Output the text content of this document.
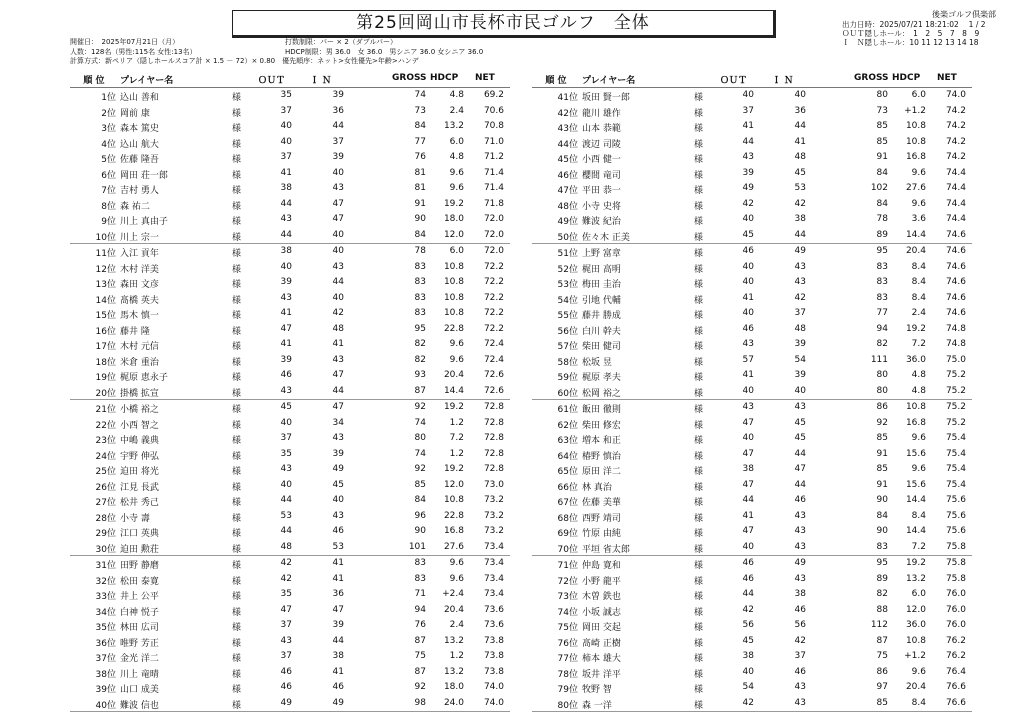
第25回岡山市長杯市民ゴルフ　全体	後楽ゴルフ倶楽部
出力日時：2025/07/21 18:21:02　 1 / 2
ＯＵＴ隠しホール：　1　2　5　7　8　9
Ｉ　Ｎ隠しホール：10 11 12 13 14 18
開催日：　2025年07月21日（月）
人数：128名（男性:115名 女性:13名）
計算方式：新ペリア（隠しホールスコア計 × 1.5 － 72）× 0.80　優先順序：ネット>女性優先>年齢>ハンデ
打数制限：パー × 2（ダブルパー）
HDCP制限：男 36.0　女 36.0　男シニア 36.0 女シニア 36.0
順 位	プレイヤー名	ＯＵＴ	Ｉ Ｎ	GROSS HDCP NET
1位 込山 善和	様	35	39	74	4.8	69.2
2位 岡前 康	様	37	36	73	2.4	70.6
3位 森本 篤史	様	40	44	84	13.2	70.8
4位 込山 航大	様	40	37	77	6.0	71.0
5位 佐藤 隆吾	様	37	39	76	4.8	71.2
6位 岡田 荘一郎	様	41	40	81	9.6	71.4
7位 吉村 勇人	様	38	43	81	9.6	71.4
8位 森 祐二	様	44	47	91	19.2	71.8
9位 川上 真由子	様	43	47	90	18.0	72.0
10位 川上 宗一	様	44	40	84	12.0	72.0
11位 入江 貢年	様	38	40	78	6.0	72.0
12位 木村 洋美	様	40	43	83	10.8	72.2
13位 森田 文彦	様	39	44	83	10.8	72.2
14位 髙橋 英夫	様	43	40	83	10.8	72.2
15位 馬木 慎一	様	41	42	83	10.8	72.2
16位 藤井 隆	様	47	48	95	22.8	72.2
17位 木村 元信	様	41	41	82	9.6	72.4
18位 米倉 重治	様	39	43	82	9.6	72.4
19位 梶原 恵永子	様	46	47	93	20.4	72.6
20位 掛橋 拡宣	様	43	44	87	14.4	72.6
21位 小橋 裕之	様	45	47	92	19.2	72.8
22位 小西 智之	様	40	34	74	1.2	72.8
23位 中嶋 義典	様	37	43	80	7.2	72.8
24位 宇野 伸弘	様	35	39	74	1.2	72.8
25位 迫田 将光	様	43	49	92	19.2	72.8
26位 江見 長武	様	40	45	85	12.0	73.0
27位 松井 秀己	様	44	40	84	10.8	73.2
28位 小寺 壽	様	53	43	96	22.8	73.2
29位 江口 英典	様	44	46	90	16.8	73.2
30位 迫田 勲荘	様	48	53	101	27.6	73.4
31位 田野 静磨	様	42	41	83	9.6	73.4
32位 松田 泰寛	様	42	41	83	9.6	73.4
33位 井上 公平	様	35	36	71	+2.4	73.4
34位 白神 悦子	様	47	47	94	20.4	73.6
35位 林田 広司	様	37	39	76	2.4	73.6
36位 唯野 芳正	様	43	44	87	13.2	73.8
37位 金光 洋二	様	37	38	75	1.2	73.8
38位 川上 竜晴	様	46	41	87	13.2	73.8
39位 山口 成美	様	46	46	92	18.0	74.0
40位 難波 信也	様	49	49	98	24.0	74.0
順 位	プレイヤー名	ＯＵＴ	Ｉ Ｎ	GROSS HDCP NET
41位 坂田 賢一郎	様	40	40	80	6.0	74.0
42位 龍川 雄作	様	37	36	73	+1.2	74.2
43位 山本 恭範	様	41	44	85	10.8	74.2
44位 渡辺 司陵	様	44	41	85	10.8	74.2
45位 小西 健一	様	43	48	91	16.8	74.2
46位 櫻間 竜司	様	39	45	84	9.6	74.4
47位 平田 恭一	様	49	53	102	27.6	74.4
48位 小寺 史将	様	42	42	84	9.6	74.4
49位 難波 紀治	様	40	38	78	3.6	74.4
50位 佐々木 正美	様	45	44	89	14.4	74.6
51位 上野 富章	様	46	49	95	20.4	74.6
52位 梶田 高明	様	40	43	83	8.4	74.6
53位 梅田 圭治	様	40	43	83	8.4	74.6
54位 引地 代輔	様	41	42	83	8.4	74.6
55位 藤井 勝成	様	40	37	77	2.4	74.6
56位 白川 幹夫	様	46	48	94	19.2	74.8
57位 柴田 健司	様	43	39	82	7.2	74.8
58位 松坂 昱	様	57	54	111	36.0	75.0
59位 梶原 孝夫	様	41	39	80	4.8	75.2
60位 松岡 裕之	様	40	40	80	4.8	75.2
61位 飯田 徹則	様	43	43	86	10.8	75.2
62位 柴田 修宏	様	47	45	92	16.8	75.2
63位 増本 和正	様	40	45	85	9.6	75.4
64位 椿野 慎治	様	47	44	91	15.6	75.4
65位 原田 洋二	様	38	47	85	9.6	75.4
66位 林 真治	様	47	44	91	15.6	75.4
67位 佐藤 美華	様	44	46	90	14.4	75.6
68位 西野 靖司	様	41	43	84	8.4	75.6
69位 竹原 由純	様	47	43	90	14.4	75.6
70位 平垣 省太郎	様	40	43	83	7.2	75.8
71位 仲島 寛和	様	46	49	95	19.2	75.8
72位 小野 龍平	様	46	43	89	13.2	75.8
73位 木曽 鉄也	様	44	38	82	6.0	76.0
74位 小坂 誠志	様	42	46	88	12.0	76.0
75位 岡田 交起	様	56	56	112	36.0	76.0
76位 髙崎 正樹	様	45	42	87	10.8	76.2
77位 柿本 雄大	様	38	37	75	+1.2	76.2
78位 坂井 洋平	様	40	46	86	9.6	76.4
79位 牧野 智	様	54	43	97	20.4	76.6
80位 森 一洋	様	42	43	85	8.4	76.6
